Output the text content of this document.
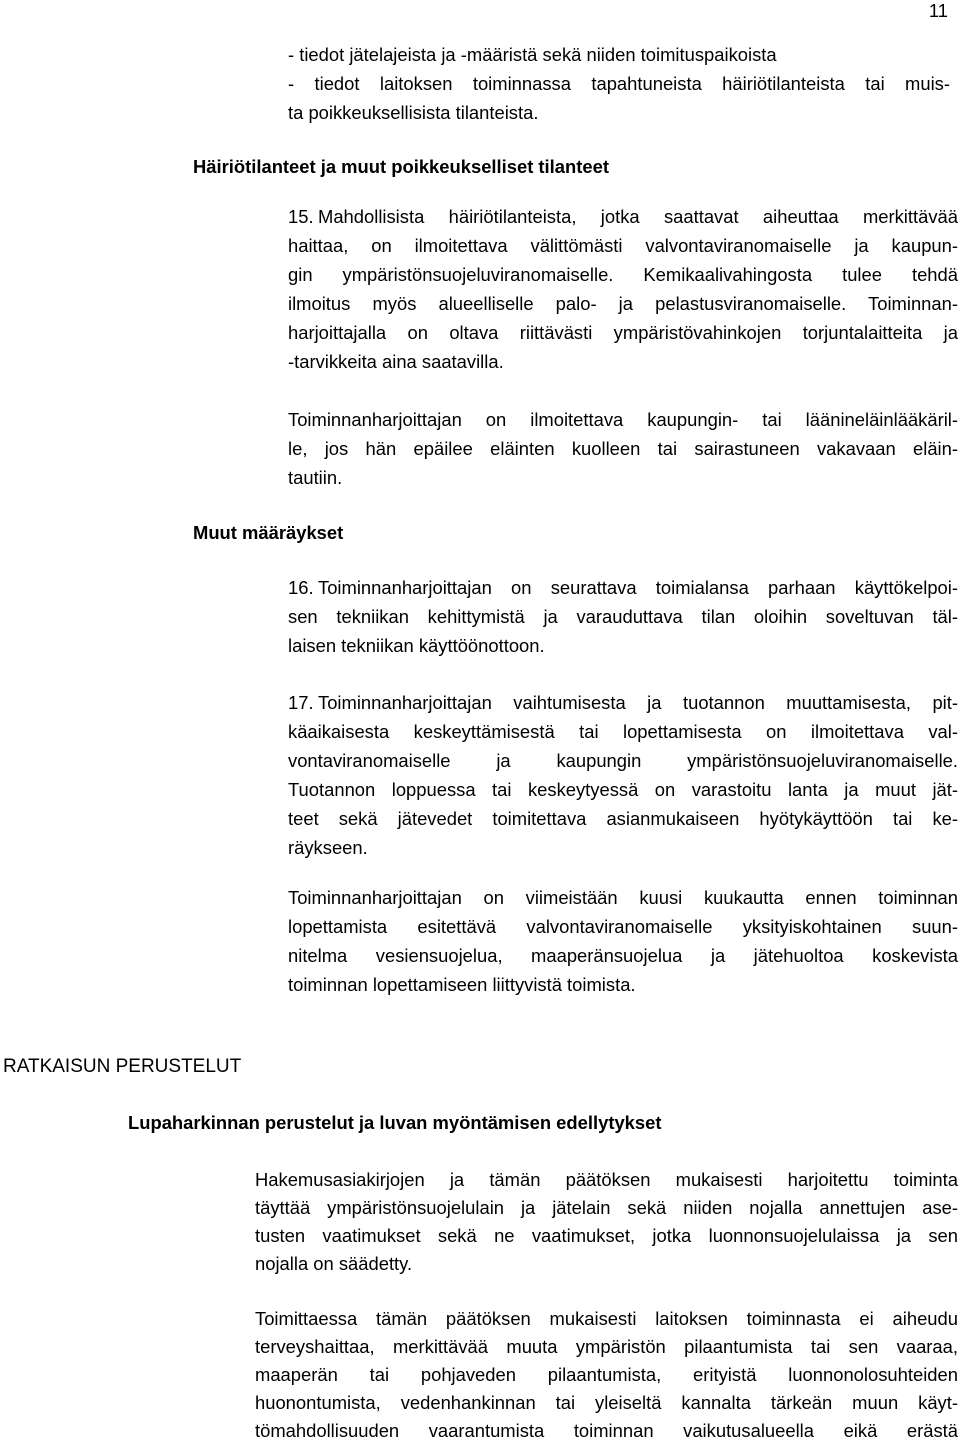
11
- tiedot jätelajeista ja -määristä sekä niiden toimituspaikoista
- tiedot laitoksen toiminnassa tapahtuneista häiriötilanteista tai muis-
ta poikkeuksellisista tilanteista.
Häiriötilanteet ja muut poikkeukselliset tilanteet
15. Mahdollisista häiriötilanteista, jotka saattavat aiheuttaa merkittävää
haittaa, on ilmoitettava välittömästi valvontaviranomaiselle ja kaupun-
gin ympäristönsuojeluviranomaiselle. Kemikaalivahingosta tulee tehdä
ilmoitus myös alueelliselle palo- ja pelastusviranomaiselle. Toiminnan-
harjoittajalla on oltava riittävästi ympäristövahinkojen torjuntalaitteita ja
-tarvikkeita aina saatavilla.
Toiminnanharjoittajan on ilmoitettava kaupungin- tai lääninеläinlääkäril-
le, jos hän epäilee eläinten kuolleen tai sairastuneen vakavaan eläin-
tautiin.
Muut määräykset
16. Toiminnanharjoittajan on seurattava toimialansa parhaan käyttökelpoi-
sen tekniikan kehittymistä ja varauduttava tilan oloihin soveltuvan täl-
laisen tekniikan käyttöönottoon.
17. Toiminnanharjoittajan vaihtumisesta ja tuotannon muuttamisesta, pit-
käaikaisesta keskeyttämisestä tai lopettamisesta on ilmoitettava val-
vontaviranomaiselle ja kaupungin ympäristönsuojeluviranomaiselle.
Tuotannon loppuessa tai keskeytyessä on varastoitu lanta ja muut jät-
teet sekä jätevedet toimitettava asianmukaiseen hyötykäyttöön tai ke-
räykseen.
Toiminnanharjoittajan on viimeistään kuusi kuukautta ennen toiminnan
lopettamista esitettävä valvontaviranomaiselle yksityiskohtainen suun-
nitelma vesiensuojelua, maaperänsuojelua ja jätehuoltoa koskevista
toiminnan lopettamiseen liittyvistä toimista.
RATKAISUN PERUSTELUT
Lupaharkinnan perustelut ja luvan myöntämisen edellytykset
Hakemusasiakirjojen ja tämän päätöksen mukaisesti harjoitettu toiminta
täyttää ympäristönsuojelulain ja jätelain sekä niiden nojalla annettujen ase-
tusten vaatimukset sekä ne vaatimukset, jotka luonnonsuojelulaissa ja sen
nojalla on säädetty.
Toimittaessa tämän päätöksen mukaisesti laitoksen toiminnasta ei aiheudu
terveyshaittaa, merkittävää muuta ympäristön pilaantumista tai sen vaaraa,
maaperän tai pohjaveden pilaantumista, erityistä luonnonolosuhteiden
huonontumista, vedenhankinnan tai yleiseltä kannalta tärkeän muun käyt-
tömahdollisuuden vaarantumista toiminnan vaikutusalueella eikä erästä
